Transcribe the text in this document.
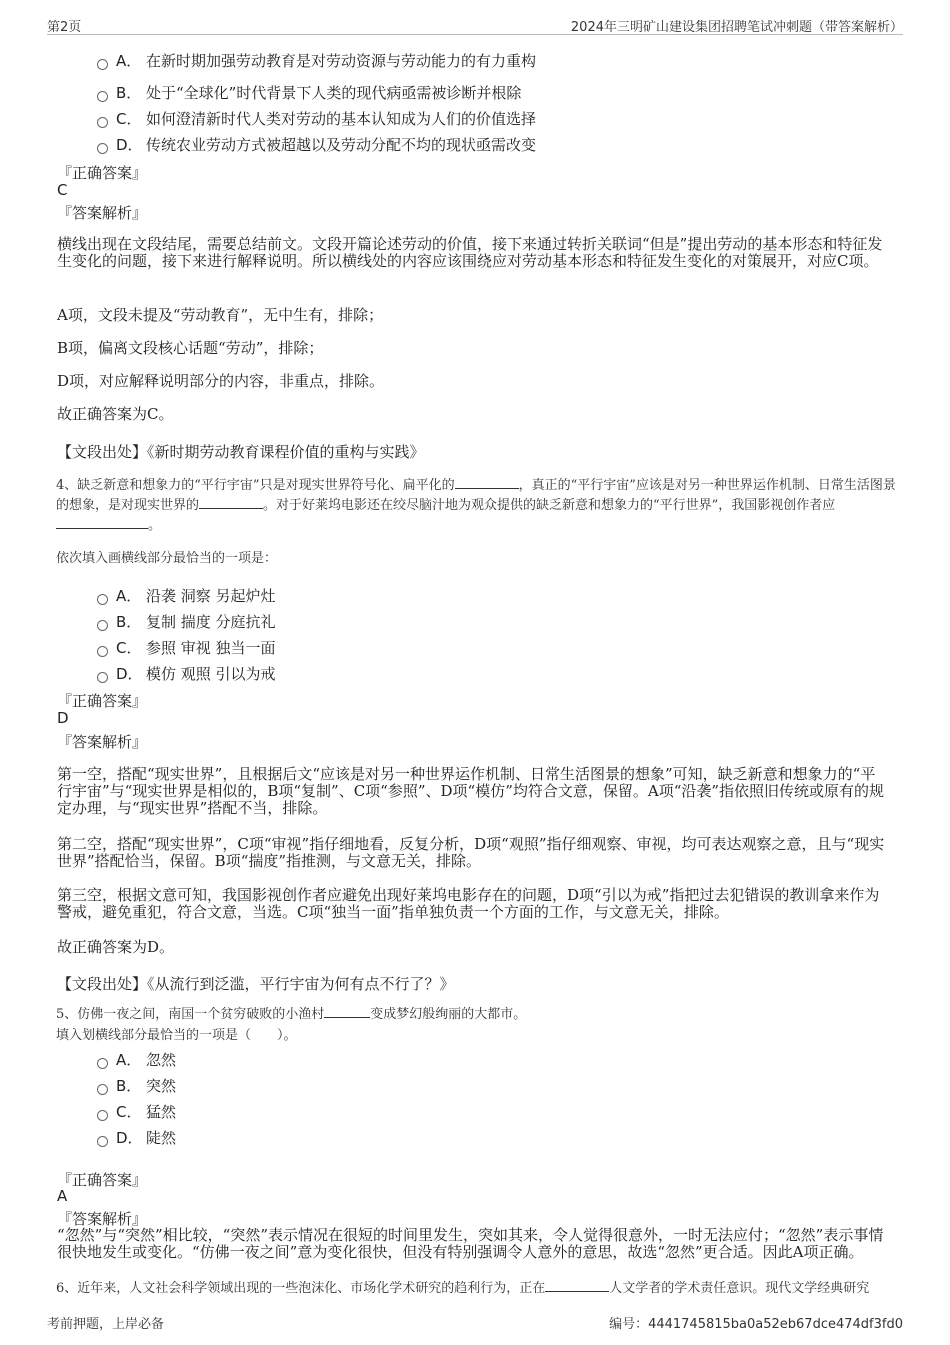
第2页	2024年三明矿山建设集团招聘笔试冲刺题（带答案解析）
A． 在新时期加强劳动教育是对劳动资源与劳动能力的有力重构
B． 处于“全球化”时代背景下人类的现代病亟需被诊断并根除
C． 如何澄清新时代人类对劳动的基本认知成为人们的价值选择
D． 传统农业劳动方式被超越以及劳动分配不均的现状亟需改变
『正确答案』
C
『答案解析』
横线出现在文段结尾，需要总结前文。文段开篇论述劳动的价值，接下来通过转折关联词“但是”提出劳动的基本形态和特征发生变化的问题，接下来进行解释说明。所以横线处的内容应该围绕应对劳动基本形态和特征发生变化的对策展开，对应C项。
A项，文段未提及“劳动教育”，无中生有，排除；
B项，偏离文段核心话题“劳动”，排除；
D项，对应解释说明部分的内容，非重点，排除。
故正确答案为C。
【文段出处】《新时期劳动教育课程价值的重构与实践》
4、缺乏新意和想象力的“平行宇宙”只是对现实世界符号化、扁平化的	，真正的“平行宇宙”应该是对另一种世界运作机制、日常生活图景的想象，是对现实世界的	。对于好莱坞电影还在绞尽脑汁地为观众提供的缺乏新意和想象力的“平行世界”，我国影视创作者应。
依次填入画横线部分最恰当的一项是：
A． 沿袭 洞察 另起炉灶
B． 复制 揣度 分庭抗礼
C． 参照 审视 独当一面
D． 模仿 观照 引以为戒
『正确答案』
D
『答案解析』
第一空，搭配“现实世界”，且根据后文“应该是对另一种世界运作机制、日常生活图景的想象”可知，缺乏新意和想象力的“平行宇宙”与“现实世界是相似的，B项“复制”、C项“参照”、D项“模仿”均符合文意，保留。A项“沿袭”指依照旧传统或原有的规定办理，与“现实世界”搭配不当，排除。
第二空，搭配“现实世界”，C项“审视”指仔细地看，反复分析，D项“观照”指仔细观察、审视，均可表达观察之意，且与“现实世界”搭配恰当，保留。B项“揣度”指推测，与文意无关，排除。
第三空，根据文意可知，我国影视创作者应避免出现好莱坞电影存在的问题，D项“引以为戒”指把过去犯错误的教训拿来作为警戒，避免重犯，符合文意，当选。C项“独当一面”指单独负责一个方面的工作，与文意无关，排除。
故正确答案为D。
【文段出处】《从流行到泛滥，平行宇宙为何有点不行了？》
5、仿佛一夜之间，南国一个贫穷破败的小渔村	变成梦幻般绚丽的大都市。
填入划横线部分最恰当的一项是（　　）。
A． 忽然
B． 突然
C． 猛然
D． 陡然
『正确答案』
A
『答案解析』
“忽然”与“突然”相比较，“突然”表示情况在很短的时间里发生，突如其来，令人觉得很意外，一时无法应付；“忽然”表示事情很快地发生或变化。“仿佛一夜之间”意为变化很快，但没有特别强调令人意外的意思，故选“忽然”更合适。因此A项正确。
6、近年来，人文社会科学领域出现的一些泡沫化、市场化学术研究的趋利行为，正在	人文学者的学术责任意识。现代文学经典研究
考前押题，上岸必备	编号：4441745815ba0a52eb67dce474df3fd0
